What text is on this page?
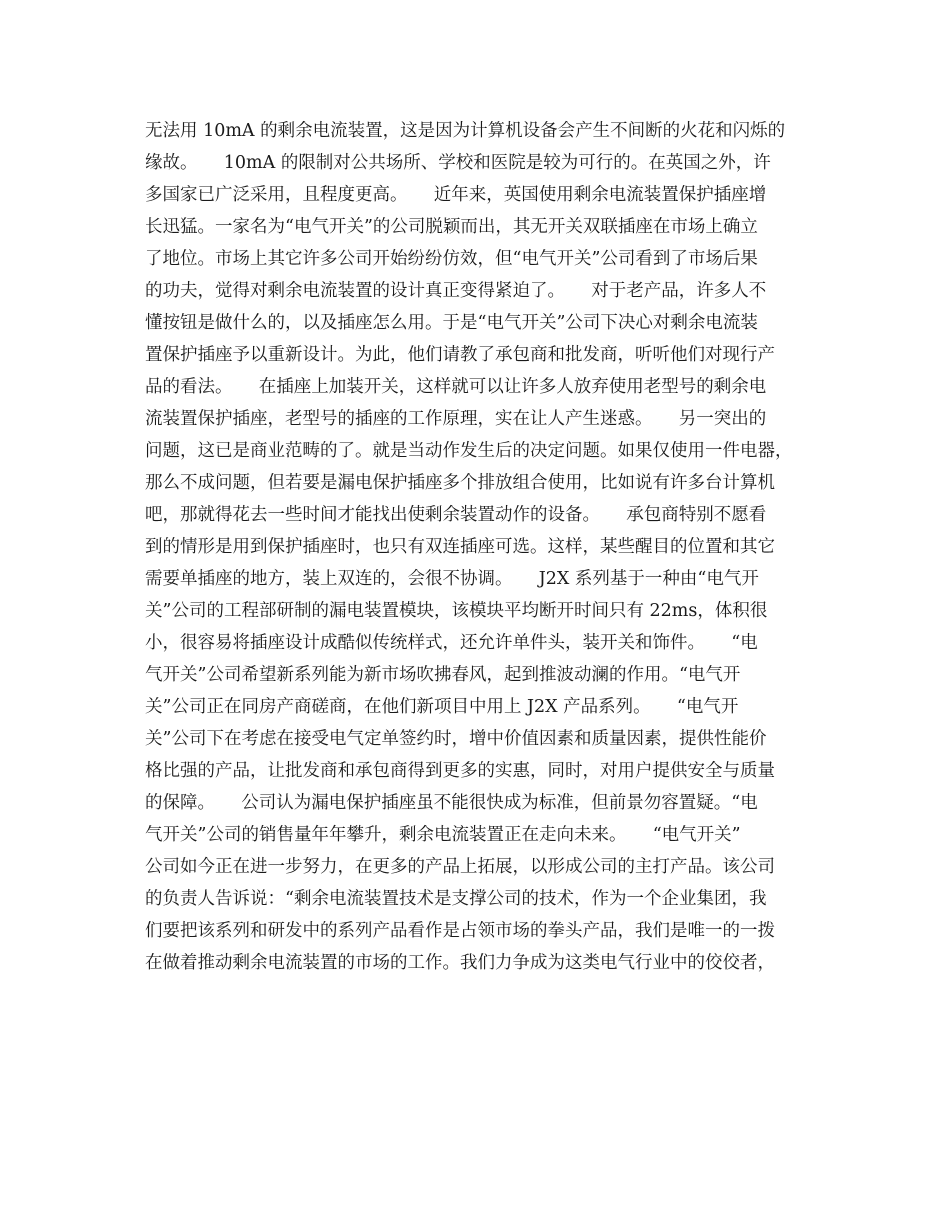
无法用 10mA 的剩余电流装置，这是因为计算机设备会产生不间断的火花和闪烁的
缘故。　　10mA 的限制对公共场所、学校和医院是较为可行的。在英国之外，许
多国家已广泛采用，且程度更高。　　近年来，英国使用剩余电流装置保护插座增
长迅猛。一家名为“电气开关”的公司脱颖而出，其无开关双联插座在市场上确立
了地位。市场上其它许多公司开始纷纷仿效，但“电气开关”公司看到了市场后果
的功夫，觉得对剩余电流装置的设计真正变得紧迫了。　　对于老产品，许多人不
懂按钮是做什么的，以及插座怎么用。于是“电气开关”公司下决心对剩余电流装
置保护插座予以重新设计。为此，他们请教了承包商和批发商，听听他们对现行产
品的看法。　　在插座上加装开关，这样就可以让许多人放弃使用老型号的剩余电
流装置保护插座，老型号的插座的工作原理，实在让人产生迷惑。　　另一突出的
问题，这已是商业范畴的了。就是当动作发生后的决定问题。如果仅使用一件电器，
那么不成问题，但若要是漏电保护插座多个排放组合使用，比如说有许多台计算机
吧，那就得花去一些时间才能找出使剩余装置动作的设备。　　承包商特别不愿看
到的情形是用到保护插座时，也只有双连插座可选。这样，某些醒目的位置和其它
需要单插座的地方，装上双连的，会很不协调。　　J2X 系列基于一种由“电气开
关”公司的工程部研制的漏电装置模块，该模块平均断开时间只有 22ms，体积很
小，很容易将插座设计成酷似传统样式，还允许单件头，装开关和饰件。　　“电
气开关”公司希望新系列能为新市场吹拂春风，起到推波动澜的作用。“电气开
关”公司正在同房产商磋商，在他们新项目中用上 J2X 产品系列。　　“电气开
关”公司下在考虑在接受电气定单签约时，增中价值因素和质量因素，提供性能价
格比强的产品，让批发商和承包商得到更多的实惠，同时，对用户提供安全与质量
的保障。　　公司认为漏电保护插座虽不能很快成为标准，但前景勿容置疑。“电
气开关”公司的销售量年年攀升，剩余电流装置正在走向未来。　　“电气开关”
公司如今正在进一步努力，在更多的产品上拓展，以形成公司的主打产品。该公司
的负责人告诉说：“剩余电流装置技术是支撑公司的技术，作为一个企业集团，我
们要把该系列和研发中的系列产品看作是占领市场的拳头产品，我们是唯一的一拨
在做着推动剩余电流装置的市场的工作。我们力争成为这类电气行业中的佼佼者，
